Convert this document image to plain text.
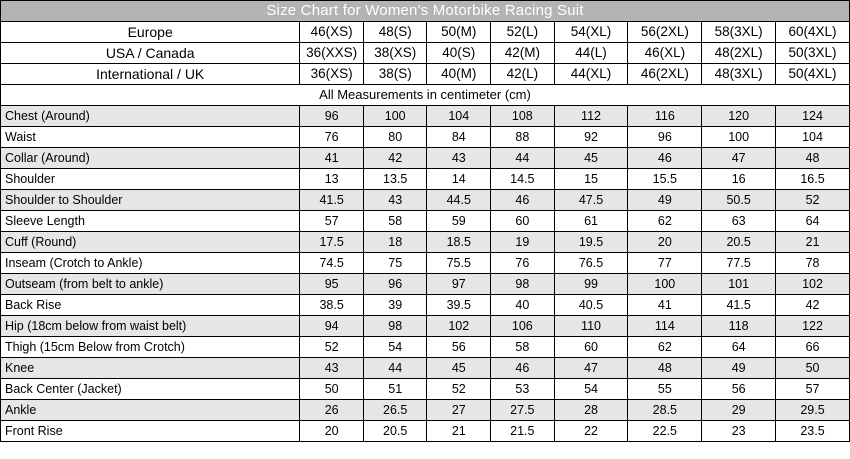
Size Chart for Women's Motorbike Racing Suit								
Europe	46(XS)	48(S)	50(M)	52(L)	54(XL)	56(2XL)	58(3XL)	60(4XL)
USA / Canada	36(XXS)	38(XS)	40(S)	42(M)	44(L)	46(XL)	48(2XL)	50(3XL)
International / UK	36(XS)	38(S)	40(M)	42(L)	44(XL)	46(2XL)	48(3XL)	50(4XL)
All Measurements in centimeter (cm)								
Chest (Around)	96	100	104	108	112	116	120	124
Waist	76	80	84	88	92	96	100	104
Collar (Around)	41	42	43	44	45	46	47	48
Shoulder	13	13.5	14	14.5	15	15.5	16	16.5
Shoulder to Shoulder	41.5	43	44.5	46	47.5	49	50.5	52
Sleeve Length	57	58	59	60	61	62	63	64
Cuff (Round)	17.5	18	18.5	19	19.5	20	20.5	21
Inseam (Crotch to Ankle)	74.5	75	75.5	76	76.5	77	77.5	78
Outseam (from belt to ankle)	95	96	97	98	99	100	101	102
Back Rise	38.5	39	39.5	40	40.5	41	41.5	42
Hip (18cm below from waist belt)	94	98	102	106	110	114	118	122
Thigh (15cm Below from Crotch)	52	54	56	58	60	62	64	66
Knee	43	44	45	46	47	48	49	50
Back Center (Jacket)	50	51	52	53	54	55	56	57
Ankle	26	26.5	27	27.5	28	28.5	29	29.5
Front Rise	20	20.5	21	21.5	22	22.5	23	23.5
